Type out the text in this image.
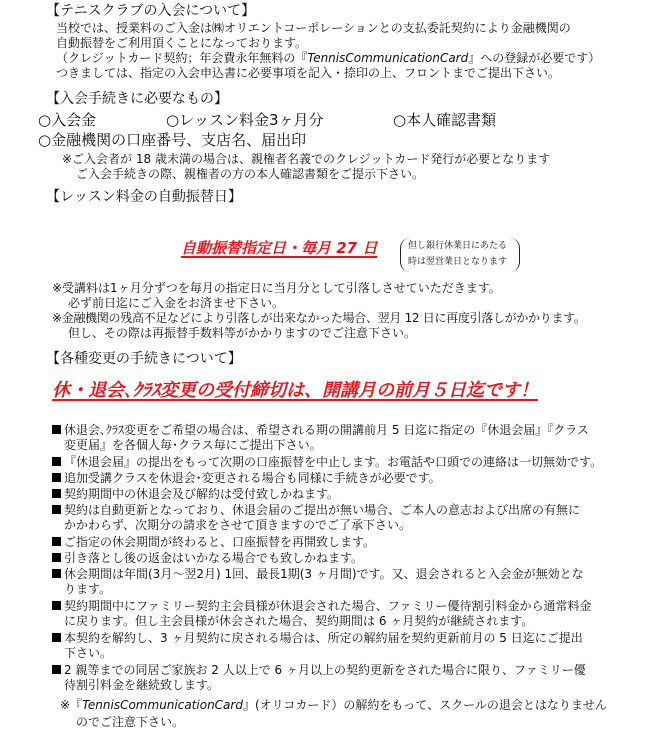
【テニスクラブの入会について】
当校では、授業料のご入金は㈱オリエントコーポレーションとの支払委託契約により金融機関の
自動振替をご利用頂くことになっております。
（クレジットカード契約；年会費永年無料の『TennisCommunicationCard』への登録が必要です）
つきましては、指定の入会申込書に必要事項を記入・捺印の上、フロントまでご提出下さい。
【入会手続きに必要なもの】
○入会金	○レッスン料金3ヶ月分	○本人確認書類
○金融機関の口座番号、支店名、届出印
※ご入会者が 18 歳未満の場合は、親権者名義でのクレジットカード発行が必要となります
ご入会手続きの際、親権者の方の本人確認書類をご提示下さい。
【レッスン料金の自動振替日】
自動振替指定日・毎月 27 日	但し銀行休業日にあたる
時は翌営業日となります
※受講料は1ヶ月分ずつを毎月の指定日に当月分として引落しさせていただきます。
必ず前日迄にご入金をお済ませ下さい。
※金融機関の残高不足などにより引落しが出来なかった場合、翌月 12 日に再度引落しがかかります。
但し、その際は再振替手数料等がかかりますのでご注意下さい。
【各種変更の手続きについて】
休・退会､ｸﾗｽ変更の受付締切は、開講月の前月５日迄です！
休退会､ｸﾗｽ変更をご希望の場合は、希望される期の開講前月 5 日迄に指定の『休退会届』『クラス
変更届』を各個人毎･クラス毎にご提出下さい。
『休退会届』の提出をもって次期の口座振替を中止します。お電話や口頭での連絡は一切無効です。
追加受講クラスを休退会･変更される場合も同様に手続きが必要です。
契約期間中の休退会及び解約は受付致しかねます。
契約は自動更新となっており、休退会届のご提出が無い場合、ご本人の意志および出席の有無に
かかわらず、次期分の請求をさせて頂きますのでご了承下さい。
ご指定の休会期間が終わると、口座振替を再開致します。
引き落とし後の返金はいかなる場合でも致しかねます。
休会期間は年間(3月～翌2月) 1回、最長1期(3 ヶ月間)です。又、退会されると入会金が無効とな
ります。
契約期間中にファミリー契約主会員様が休退会された場合、ファミリー優待割引料金から通常料金
に戻ります。但し主会員様が休会された場合、契約期間は 6 ヶ月契約が継続されます。
本契約を解約し、3 ヶ月契約に戻される場合は、所定の解約届を契約更新前月の 5 日迄にご提出
下さい。
2 親等までの同居ご家族お 2 人以上で 6 ヶ月以上の契約更新をされた場合に限り、ファミリー優
待割引料金を継続致します。
※『TennisCommunicationCard』(オリコカード）の解約をもって、スクールの退会とはなりません
のでご注意下さい。
